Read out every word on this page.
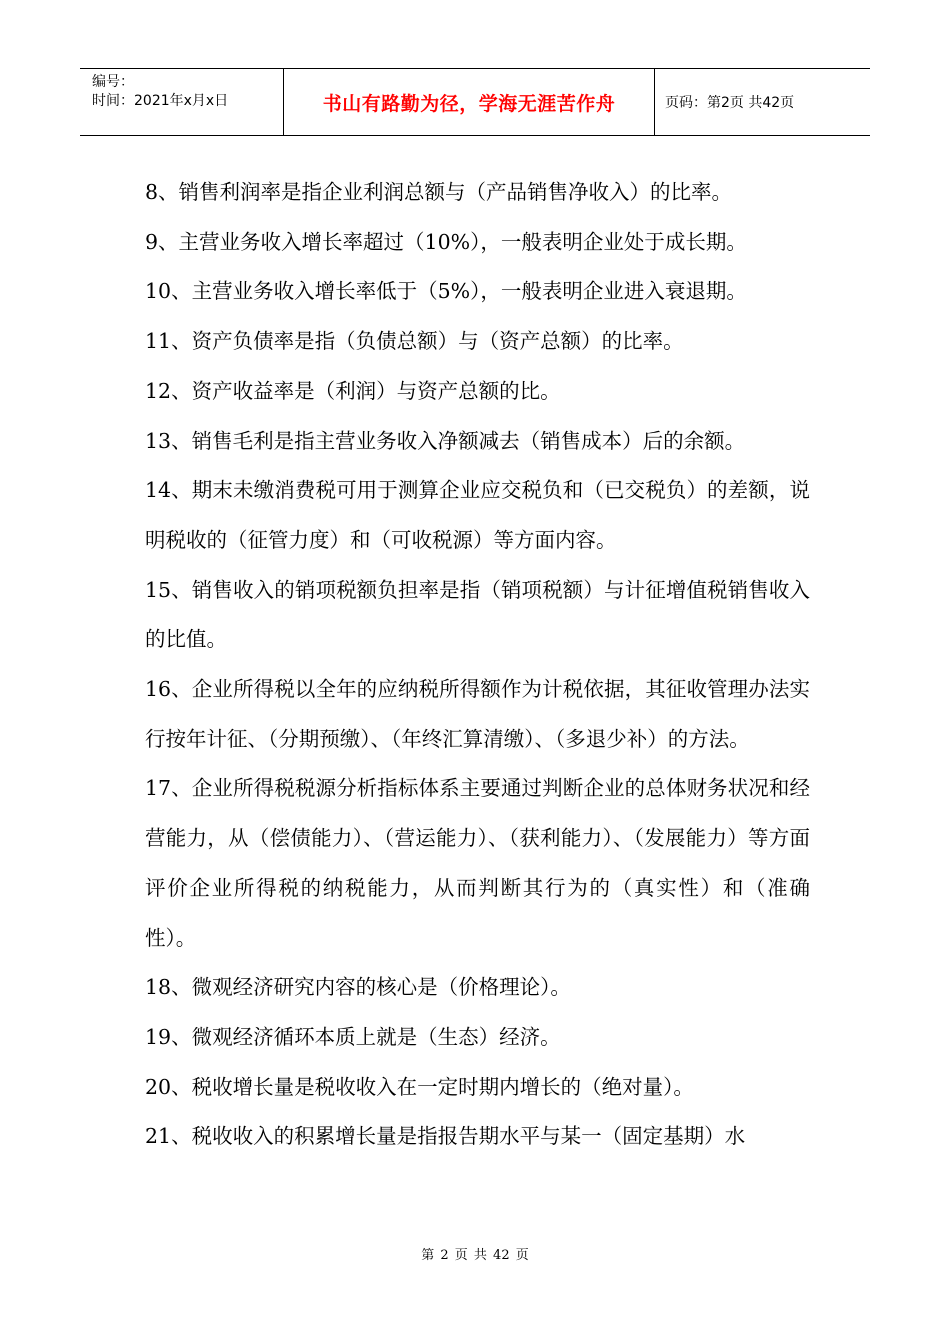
编号：
时间：2021年x月x日	书山有路勤为径，学海无涯苦作舟	页码：第2页 共42页

8、销售利润率是指企业利润总额与（产品销售净收入）的比率。

9、主营业务收入增长率超过（10%），一般表明企业处于成长期。

10、主营业务收入增长率低于（5%），一般表明企业进入衰退期。

11、资产负债率是指（负债总额）与（资产总额）的比率。

12、资产收益率是（利润）与资产总额的比。

13、销售毛利是指主营业务收入净额减去（销售成本）后的余额。

14、期末未缴消费税可用于测算企业应交税负和（已交税负）的差额，说明税收的（征管力度）和（可收税源）等方面内容。

15、销售收入的销项税额负担率是指（销项税额）与计征增值税销售收入的比值。

16、企业所得税以全年的应纳税所得额作为计税依据，其征收管理办法实行按年计征、（分期预缴）、（年终汇算清缴）、（多退少补）的方法。

17、企业所得税税源分析指标体系主要通过判断企业的总体财务状况和经营能力，从（偿债能力）、（营运能力）、（获利能力）、（发展能力）等方面评价企业所得税的纳税能力，从而判断其行为的（真实性）和（准确性）。

18、微观经济研究内容的核心是（价格理论）。

19、微观经济循环本质上就是（生态）经济。

20、税收增长量是税收收入在一定时期内增长的（绝对量）。

21、税收收入的积累增长量是指报告期水平与某一（固定基期）水

第 2 页 共 42 页
